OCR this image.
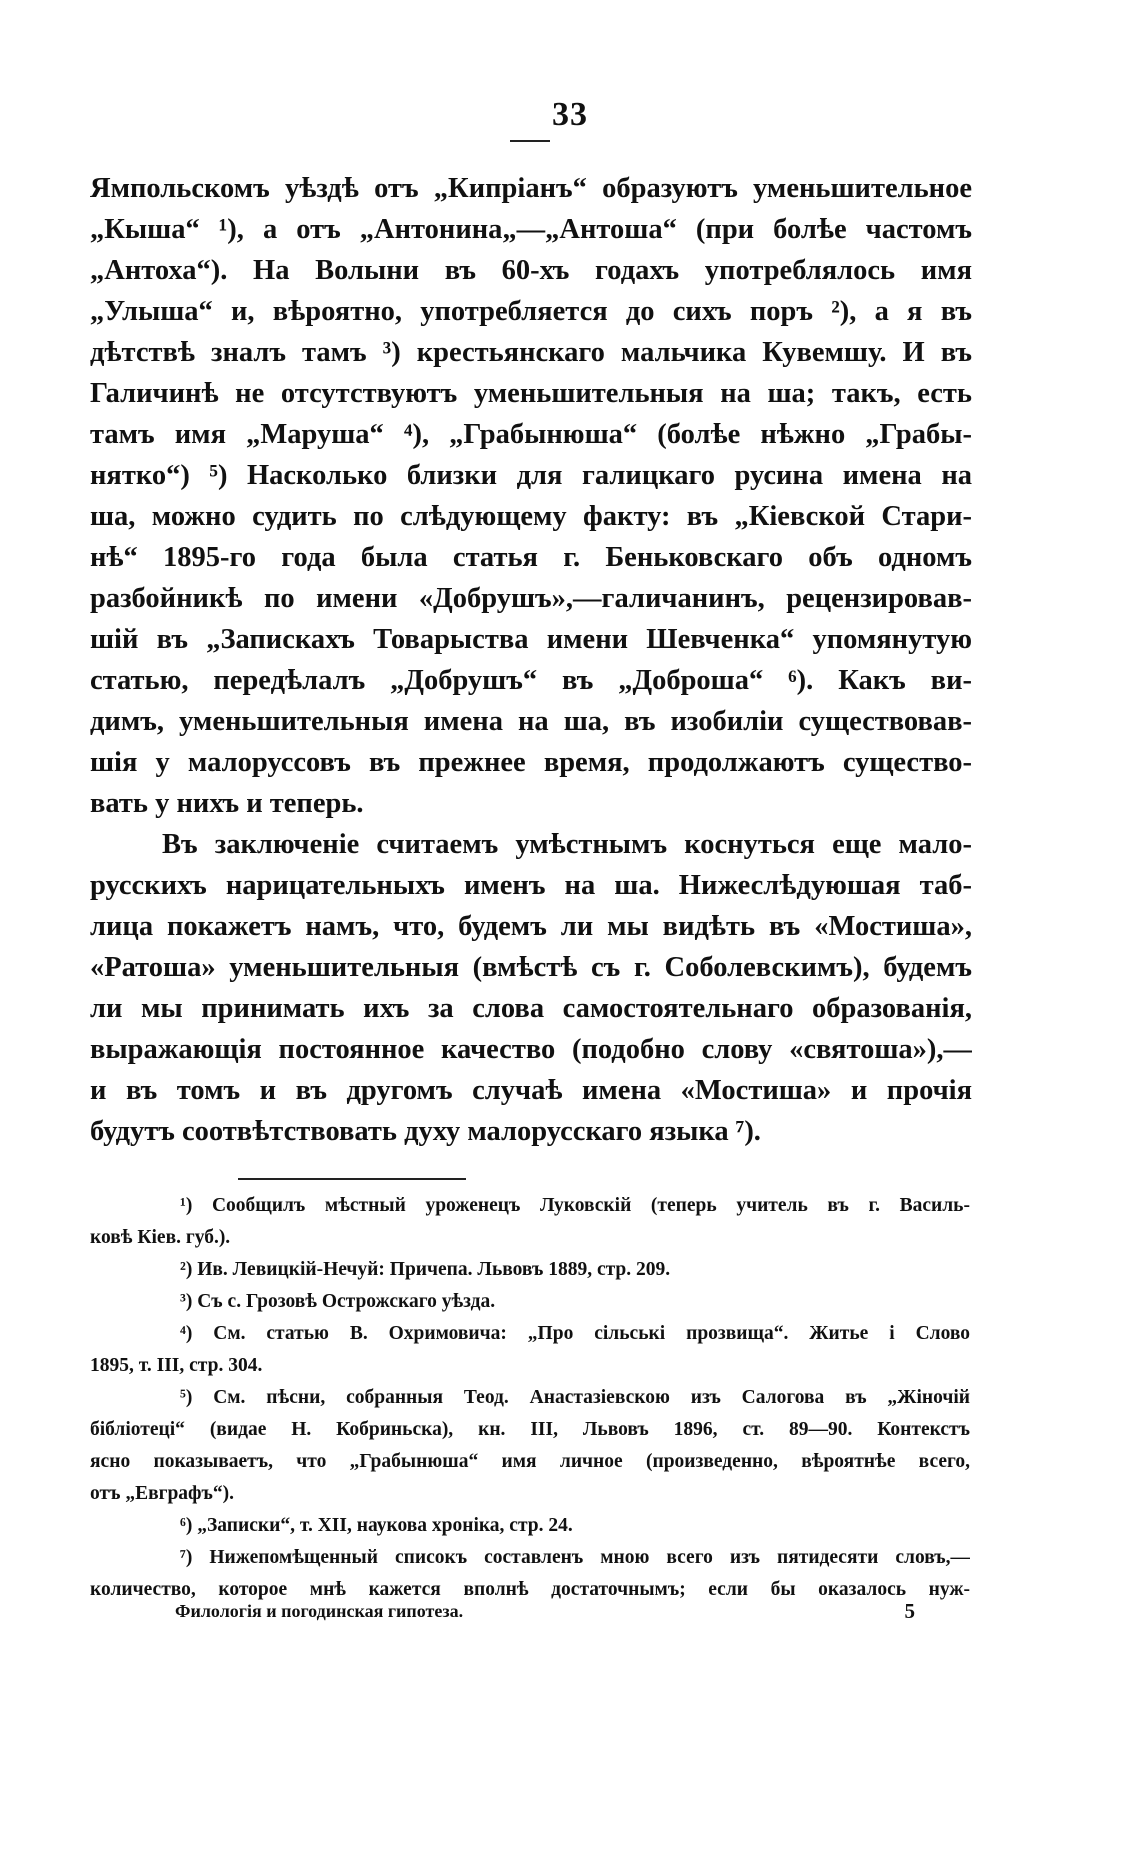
33
Ямпольскомъ уѣздѣ отъ „Кипріанъ“ образуютъ уменьшительное
„Кыша“ ¹), а отъ „Антонина„—„Антоша“ (при болѣе частомъ
„Антоха“). На Волыни въ 60-хъ годахъ употреблялось имя
„Улыша“ и, вѣроятно, употребляется до сихъ поръ ²), а я въ
дѣтствѣ зналъ тамъ ³) крестьянскаго мальчика Кувемшу. И въ
Галичинѣ не отсутствуютъ уменьшительныя на ша; такъ, есть
тамъ имя „Маруша“ ⁴), „Грабынюша“ (болѣе нѣжно „Грабы-
нятко“) ⁵) Насколько близки для галицкаго русина имена на
ша, можно судить по слѣдующему факту: въ „Кіевской Стари-
нѣ“ 1895-го года была статья г. Беньковскаго объ одномъ
разбойникѣ по имени «Добрушъ»,—галичанинъ, рецензировав-
шій въ „Запискахъ Товарыства имени Шевченка“ упомянутую
статью, передѣлалъ „Добрушъ“ въ „Доброша“ ⁶). Какъ ви-
димъ, уменьшительныя имена на ша, въ изобиліи существовав-
шія у малоруссовъ въ прежнее время, продолжаютъ существо-
вать у нихъ и теперь.
Въ заключеніе считаемъ умѣстнымъ коснуться еще мало-
русскихъ нарицательныхъ именъ на ша. Нижеслѣдуюшая таб-
лица покажетъ намъ, что, будемъ ли мы видѣть въ «Мостиша»,
«Ратоша» уменьшительныя (вмѣстѣ съ г. Соболевскимъ), будемъ
ли мы принимать ихъ за слова самостоятельнаго образованія,
выражающія постоянное качество (подобно слову «святоша»),—
и въ томъ и въ другомъ случаѣ имена «Мостиша» и прочія
будутъ соотвѣтствовать духу малорусскаго языка ⁷).
¹) Сообщилъ мѣстный уроженецъ Луковскій (теперь учитель въ г. Василь-
ковѣ Кіев. губ.).
²) Ив. Левицкій-Нечуй: Причепа. Львовъ 1889, стр. 209.
³) Съ с. Грозовѣ Острожскаго уѣзда.
⁴) См. статью В. Охримовича: „Про сільські прозвища“. Житье і Слово
1895, т. III, стр. 304.
⁵) См. пѣсни, собранныя Теод. Анастазіевскою изъ Салогова въ „Жіночій
бібліотеці“ (видае Н. Кобриньска), кн. III, Львовъ 1896, ст. 89—90. Контекстъ
ясно показываетъ, что „Грабынюша“ имя личное (произведенно, вѣроятнѣе всего,
отъ „Евграфъ“).
⁶) „Записки“, т. XII, наукова хроніка, стр. 24.
⁷) Нижепомѣщенный списокъ составленъ мною всего изъ пятидесяти словъ,—
количество, которое мнѣ кажется вполнѣ достаточнымъ; если бы оказалось нуж-
Филологія и погодинская гипотеза.	5
